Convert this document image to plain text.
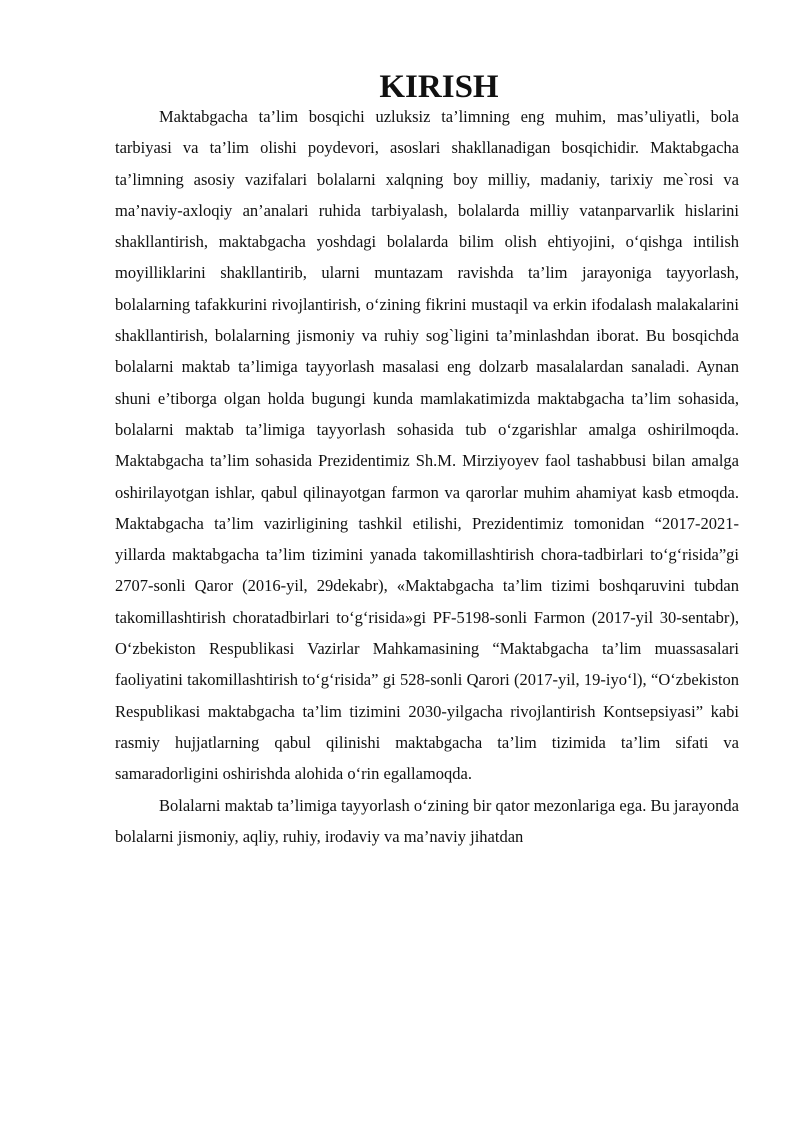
KIRISH

Maktabgacha ta’lim bosqichi uzluksiz ta’limning eng muhim, mas’uliyatli, bola tarbiyasi va ta’lim olishi poydevori, asoslari shakllanadigan bosqichidir. Maktabgacha ta’limning asosiy vazifalari bolalarni xalqning boy milliy, madaniy, tarixiy me`rosi va ma’naviy-axloqiy an’analari ruhida tarbiyalash, bolalarda milliy vatanparvarlik hislarini shakllantirish, maktabgacha yoshdagi bolalarda bilim olish ehtiyojini, o‘qishga intilish moyilliklarini shakllantirib, ularni muntazam ravishda ta’lim jarayoniga tayyorlash, bolalarning tafakkurini rivojlantirish, o‘zining fikrini mustaqil va erkin ifodalash malakalarini shakllantirish, bolalarning jismoniy va ruhiy sog`ligini ta’minlashdan iborat. Bu bosqichda bolalarni maktab ta’limiga tayyorlash masalasi eng dolzarb masalalardan sanaladi. Aynan shuni e’tiborga olgan holda bugungi kunda mamlakatimizda maktabgacha ta’lim sohasida, bolalarni maktab ta’limiga tayyorlash sohasida tub o‘zgarishlar amalga oshirilmoqda. Maktabgacha ta’lim sohasida Prezidentimiz Sh.M. Mirziyoyev faol tashabbusi bilan amalga oshirilayotgan ishlar, qabul qilinayotgan farmon va qarorlar muhim ahamiyat kasb etmoqda. Maktabgacha ta’lim vazirligining tashkil etilishi, Prezidentimiz tomonidan “2017-2021-yillarda maktabgacha ta’lim tizimini yanada takomillashtirish chora-tadbirlari to‘g‘risida”gi 2707-sonli Qaror (2016-yil, 29dekabr), «Maktabgacha ta’lim tizimi boshqaruvini tubdan takomillashtirish choratadbirlari to‘g‘risida»gi PF-5198-sonli Farmon (2017-yil 30-sentabr), O‘zbekiston Respublikasi Vazirlar Mahkamasining “Maktabgacha ta’lim muassasalari faoliyatini takomillashtirish to‘g‘risida” gi 528-sonli Qarori (2017-yil, 19-iyo‘l), “O‘zbekiston Respublikasi maktabgacha ta’lim tizimini 2030-yilgacha rivojlantirish Kontsepsiyasi” kabi rasmiy hujjatlarning qabul qilinishi maktabgacha ta’lim tizimida ta’lim sifati va samaradorligini oshirishda alohida o‘rin egallamoqda.

Bolalarni maktab ta’limiga tayyorlash o‘zining bir qator mezonlariga ega. Bu jarayonda bolalarni jismoniy, aqliy, ruhiy, irodaviy va ma’naviy jihatdan
